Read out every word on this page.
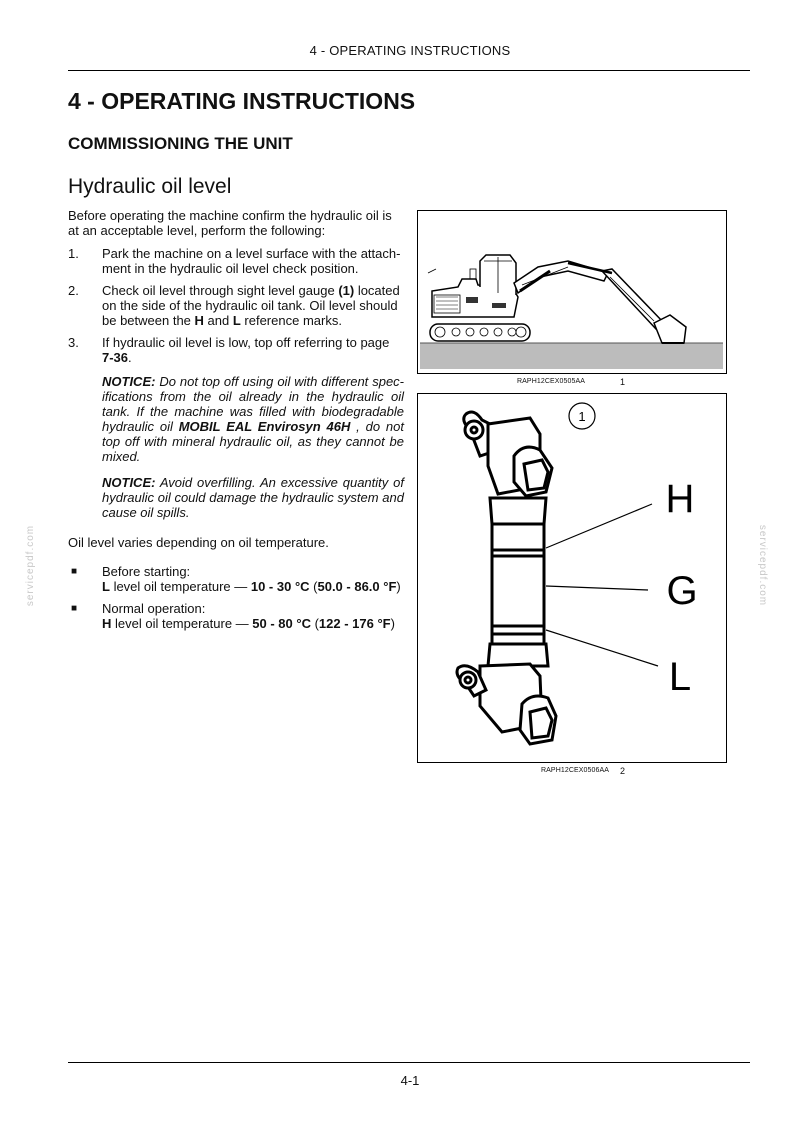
4 - OPERATING INSTRUCTIONS
4 - OPERATING INSTRUCTIONS
COMMISSIONING THE UNIT
Hydraulic oil level
Before operating the machine confirm the hydraulic oil is at an acceptable level, perform the following:
1. Park the machine on a level surface with the attach-ment in the hydraulic oil level check position.
2. Check oil level through sight level gauge (1) located on the side of the hydraulic oil tank. Oil level should be between the H and L reference marks.
3. If hydraulic oil level is low, top off referring to page 7-36.
NOTICE: Do not top off using oil with different spec-ifications from the oil already in the hydraulic oil tank. If the machine was filled with biodegradable hydraulic oil MOBIL EAL Envirosyn 46H , do not top off with mineral hydraulic oil, as they cannot be mixed.
NOTICE: Avoid overfilling. An excessive quantity of hydraulic oil could damage the hydraulic system and cause oil spills.
Oil level varies depending on oil temperature.
■ Before starting:
L level oil temperature — 10 - 30 °C (50.0 - 86.0 °F)
■ Normal operation:
H level oil temperature — 50 - 80 °C (122 - 176 °F)
RAPH12CEX0505AA	1
1
H
G
L
RAPH12CEX0506AA 2
servicepdf.com	servicepdf.com
4-1
